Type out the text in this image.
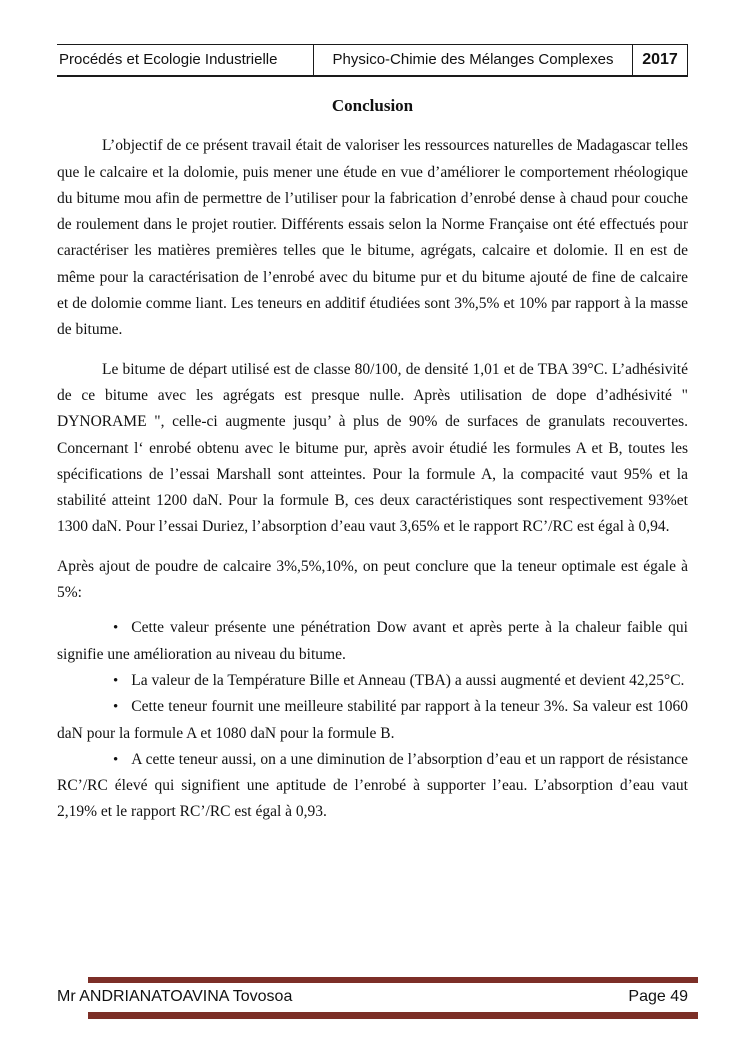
Procédés et Ecologie Industrielle	Physico-Chimie des Mélanges Complexes	2017
Conclusion

L’objectif de ce présent travail était de valoriser les ressources naturelles de Madagascar telles que le calcaire et la dolomie, puis mener une étude en vue d’améliorer le comportement rhéologique du bitume mou afin de permettre de l’utiliser pour la fabrication d’enrobé dense à chaud pour couche de roulement dans le projet routier. Différents essais selon la Norme Française ont été effectués pour caractériser les matières premières telles que le bitume, agrégats, calcaire et dolomie. Il en est de même pour la caractérisation de l’enrobé avec du bitume pur et du bitume ajouté de fine de calcaire et de dolomie comme liant. Les teneurs en additif étudiées sont 3%,5% et 10% par rapport à la masse de bitume.

Le bitume de départ utilisé est de classe 80/100, de densité 1,01 et de TBA 39°C. L’adhésivité de ce bitume avec les agrégats est presque nulle. Après utilisation de dope d’adhésivité " DYNORAME ", celle-ci augmente jusqu’ à plus de 90% de surfaces de granulats recouvertes. Concernant l‘ enrobé obtenu avec le bitume pur, après avoir étudié les formules A et B, toutes les spécifications de l’essai Marshall sont atteintes. Pour la formule A, la compacité vaut 95% et la stabilité atteint 1200 daN. Pour la formule B, ces deux caractéristiques sont respectivement 93%et 1300 daN. Pour l’essai Duriez, l’absorption d’eau vaut 3,65% et le rapport RC’/RC est égal à 0,94.

Après ajout de poudre de calcaire 3%,5%,10%, on peut conclure que la teneur optimale est égale à 5%:

• Cette valeur présente une pénétration Dow avant et après perte à la chaleur faible qui signifie une amélioration au niveau du bitume.
• La valeur de la Température Bille et Anneau (TBA) a aussi augmenté et devient 42,25°C.
• Cette teneur fournit une meilleure stabilité par rapport à la teneur 3%. Sa valeur est 1060 daN pour la formule A et 1080 daN pour la formule B.
• A cette teneur aussi, on a une diminution de l’absorption d’eau et un rapport de résistance RC’/RC élevé qui signifient une aptitude de l’enrobé à supporter l’eau. L’absorption d’eau vaut 2,19% et le rapport RC’/RC est égal à 0,93.
Mr ANDRIANATOAVINA Tovosoa	Page 49
